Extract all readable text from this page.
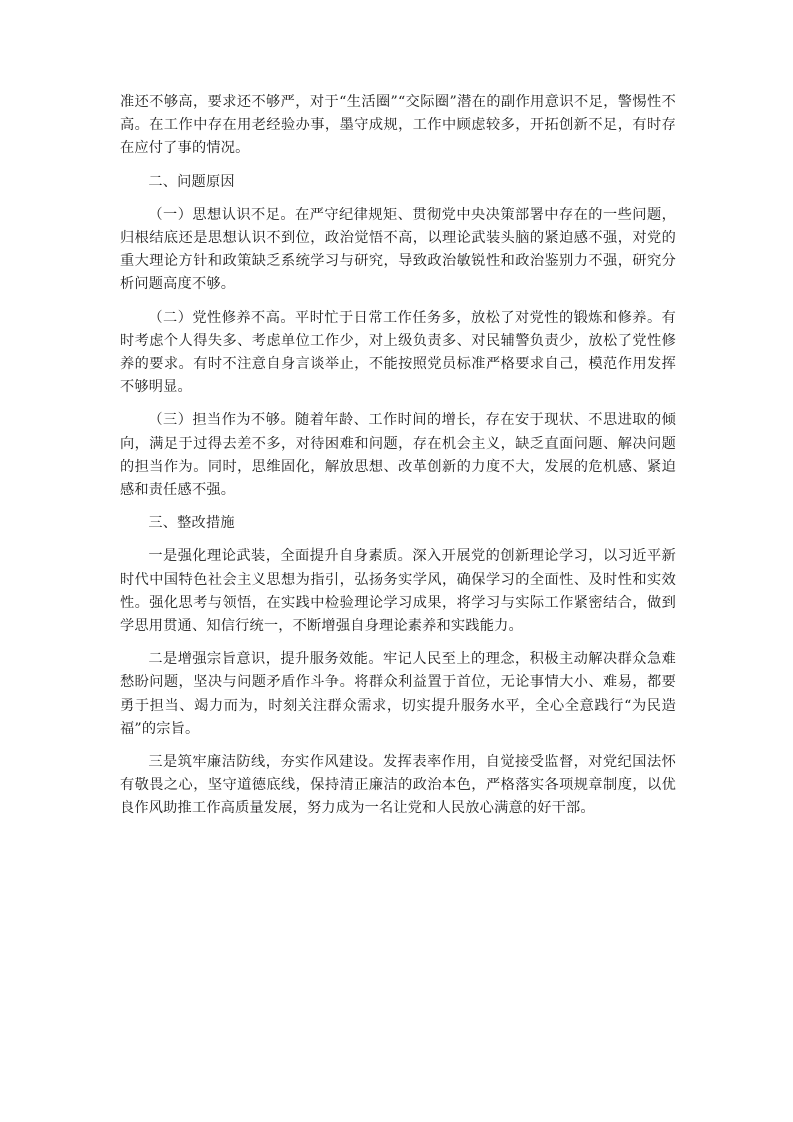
准还不够高，要求还不够严，对于“生活圈”“交际圈”潜在的副作用意识不足，警惕性不高。在工作中存在用老经验办事，墨守成规，工作中顾虑较多，开拓创新不足，有时存在应付了事的情况。

二、问题原因

（一）思想认识不足。在严守纪律规矩、贯彻党中央决策部署中存在的一些问题，归根结底还是思想认识不到位，政治觉悟不高，以理论武装头脑的紧迫感不强，对党的重大理论方针和政策缺乏系统学习与研究，导致政治敏锐性和政治鉴别力不强，研究分析问题高度不够。

（二）党性修养不高。平时忙于日常工作任务多，放松了对党性的锻炼和修养。有时考虑个人得失多、考虑单位工作少，对上级负责多、对民辅警负责少，放松了党性修养的要求。有时不注意自身言谈举止，不能按照党员标准严格要求自己，模范作用发挥不够明显。

（三）担当作为不够。随着年龄、工作时间的增长，存在安于现状、不思进取的倾向，满足于过得去差不多，对待困难和问题，存在机会主义，缺乏直面问题、解决问题的担当作为。同时，思维固化，解放思想、改革创新的力度不大，发展的危机感、紧迫感和责任感不强。

三、整改措施

一是强化理论武装，全面提升自身素质。深入开展党的创新理论学习，以习近平新时代中国特色社会主义思想为指引，弘扬务实学风，确保学习的全面性、及时性和实效性。强化思考与领悟，在实践中检验理论学习成果，将学习与实际工作紧密结合，做到学思用贯通、知信行统一，不断增强自身理论素养和实践能力。

二是增强宗旨意识，提升服务效能。牢记人民至上的理念，积极主动解决群众急难愁盼问题，坚决与问题矛盾作斗争。将群众利益置于首位，无论事情大小、难易，都要勇于担当、竭力而为，时刻关注群众需求，切实提升服务水平，全心全意践行“为民造福”的宗旨。

三是筑牢廉洁防线，夯实作风建设。发挥表率作用，自觉接受监督，对党纪国法怀有敬畏之心，坚守道德底线，保持清正廉洁的政治本色，严格落实各项规章制度，以优良作风助推工作高质量发展，努力成为一名让党和人民放心满意的好干部。
